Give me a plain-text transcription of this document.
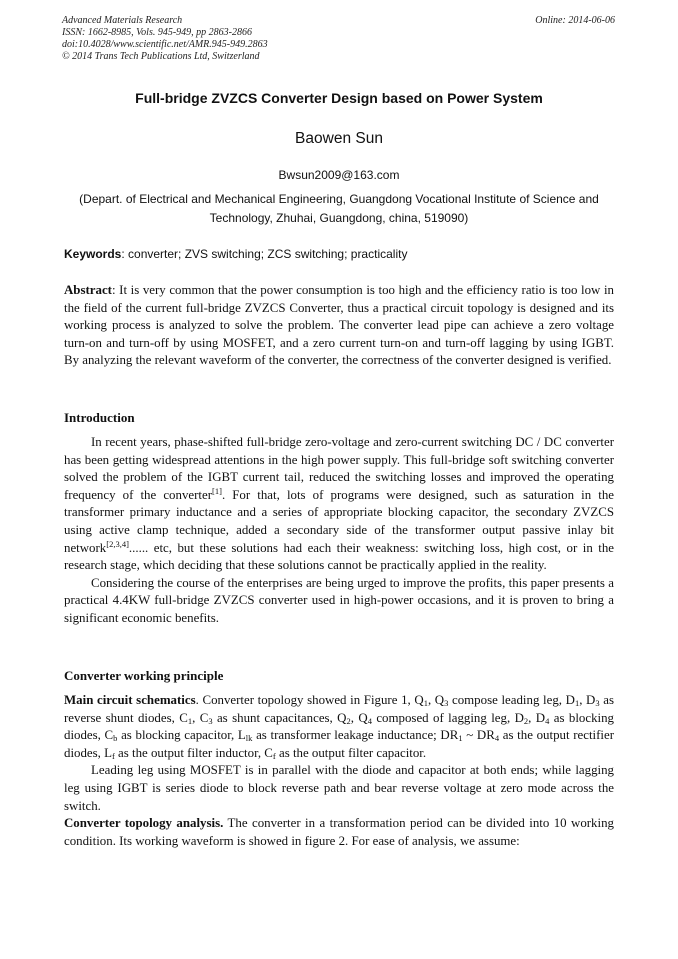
Advanced Materials Research
ISSN: 1662-8985, Vols. 945-949, pp 2863-2866
doi:10.4028/www.scientific.net/AMR.945-949.2863
© 2014 Trans Tech Publications Ltd, Switzerland
Online: 2014-06-06
Full-bridge ZVZCS Converter Design based on Power System
Baowen Sun
Bwsun2009@163.com
(Depart. of Electrical and Mechanical Engineering, Guangdong Vocational Institute of Science and Technology, Zhuhai, Guangdong, china, 519090)
Keywords: converter; ZVS switching; ZCS switching; practicality
Abstract: It is very common that the power consumption is too high and the efficiency ratio is too low in the field of the current full-bridge ZVZCS Converter, thus a practical circuit topology is designed and its working process is analyzed to solve the problem. The converter lead pipe can achieve a zero voltage turn-on and turn-off by using MOSFET, and a zero current turn-on and turn-off lagging by using IGBT. By analyzing the relevant waveform of the converter, the correctness of the converter designed is verified.
Introduction

In recent years, phase-shifted full-bridge zero-voltage and zero-current switching DC / DC converter has been getting widespread attentions in the high power supply. This full-bridge soft switching converter solved the problem of the IGBT current tail, reduced the switching losses and improved the operating frequency of the converter[1]. For that, lots of programs were designed, such as saturation in the transformer primary inductance and a series of appropriate blocking capacitor, the secondary ZVZCS using active clamp technique, added a secondary side of the transformer output passive inlay bit network[2,3,4]...... etc, but these solutions had each their weakness: switching loss, high cost, or in the research stage, which deciding that these solutions cannot be practically applied in the reality.

Considering the course of the enterprises are being urged to improve the profits, this paper presents a practical 4.4KW full-bridge ZVZCS converter used in high-power occasions, and it is proven to bring a significant economic benefits.

Converter working principle

Main circuit schematics. Converter topology showed in Figure 1, $Q_1$, $Q_3$ compose leading leg, $D_1$, $D_3$ as reverse shunt diodes, $C_1$, $C_3$ as shunt capacitances, $Q_2$, $Q_4$ composed of lagging leg, $D_2$, $D_4$ as blocking diodes, $C_b$ as blocking capacitor, $L_{lk}$ as transformer leakage inductance; $DR_1$ ~ $DR_4$ as the output rectifier diodes, $L_f$ as the output filter inductor, $C_f$ as the output filter capacitor.

Leading leg using MOSFET is in parallel with the diode and capacitor at both ends; while lagging leg using IGBT is series diode to block reverse path and bear reverse voltage at zero mode across the switch.

Converter topology analysis. The converter in a transformation period can be divided into 10 working condition. Its working waveform is showed in figure 2. For ease of analysis, we assume:
